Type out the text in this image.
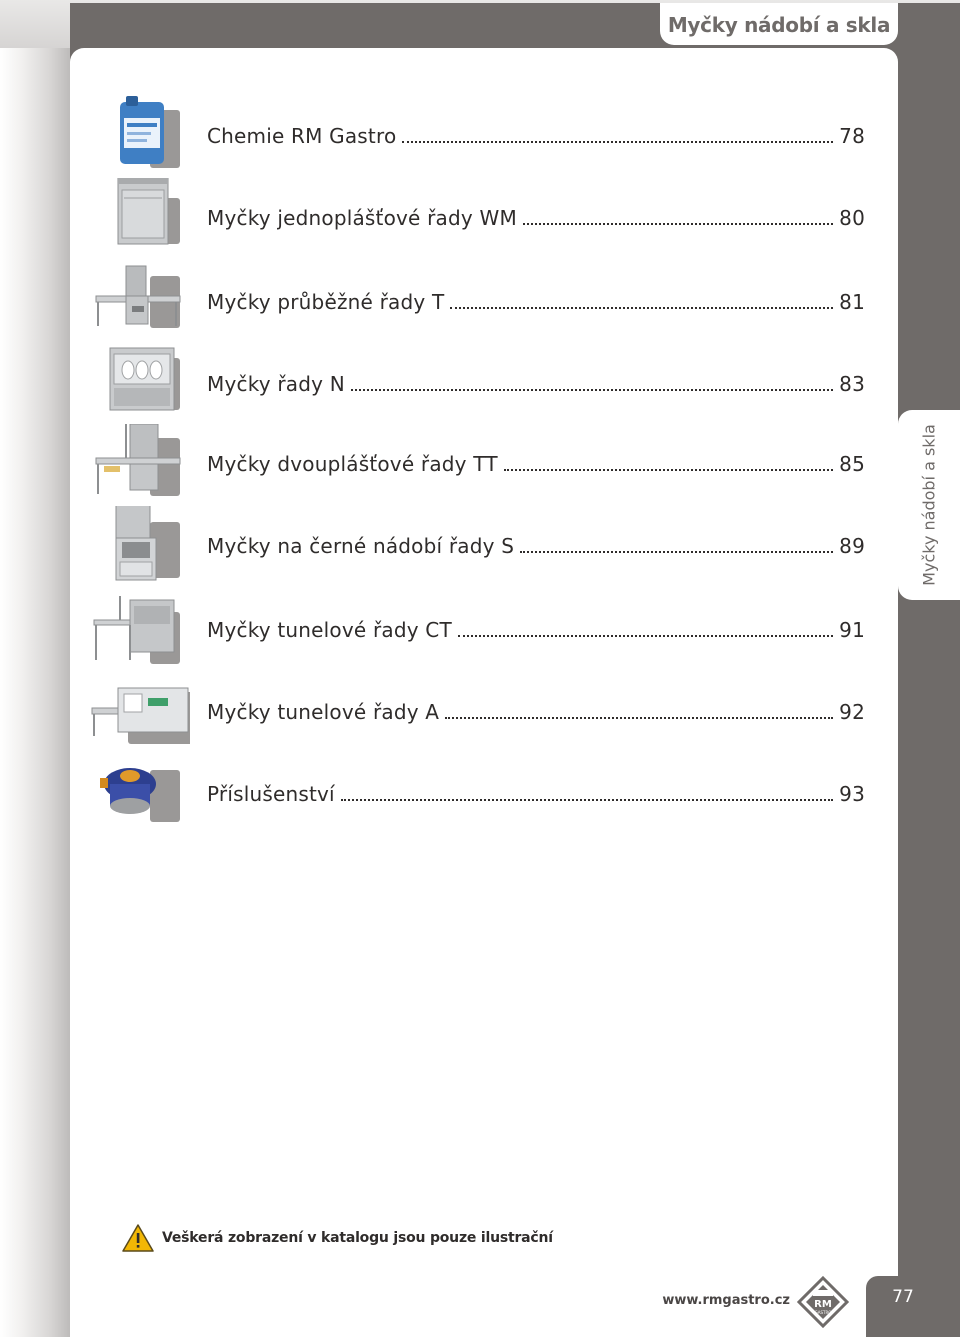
Myčky nádobí a skla
Myčky nádobí a skla
Chemie RM Gastro	78
Myčky jednoplášťové řady WM	80
Myčky průběžné řady T	81
Myčky řady N	83
Myčky dvouplášťové řady TT	85
Myčky na černé nádobí řady S	89
Myčky tunelové řady CT	91
Myčky tunelové řady A	92
Příslušenství	93
Veškerá zobrazení v katalogu jsou pouze ilustrační
www.rmgastro.cz RM
GASTRO
77
